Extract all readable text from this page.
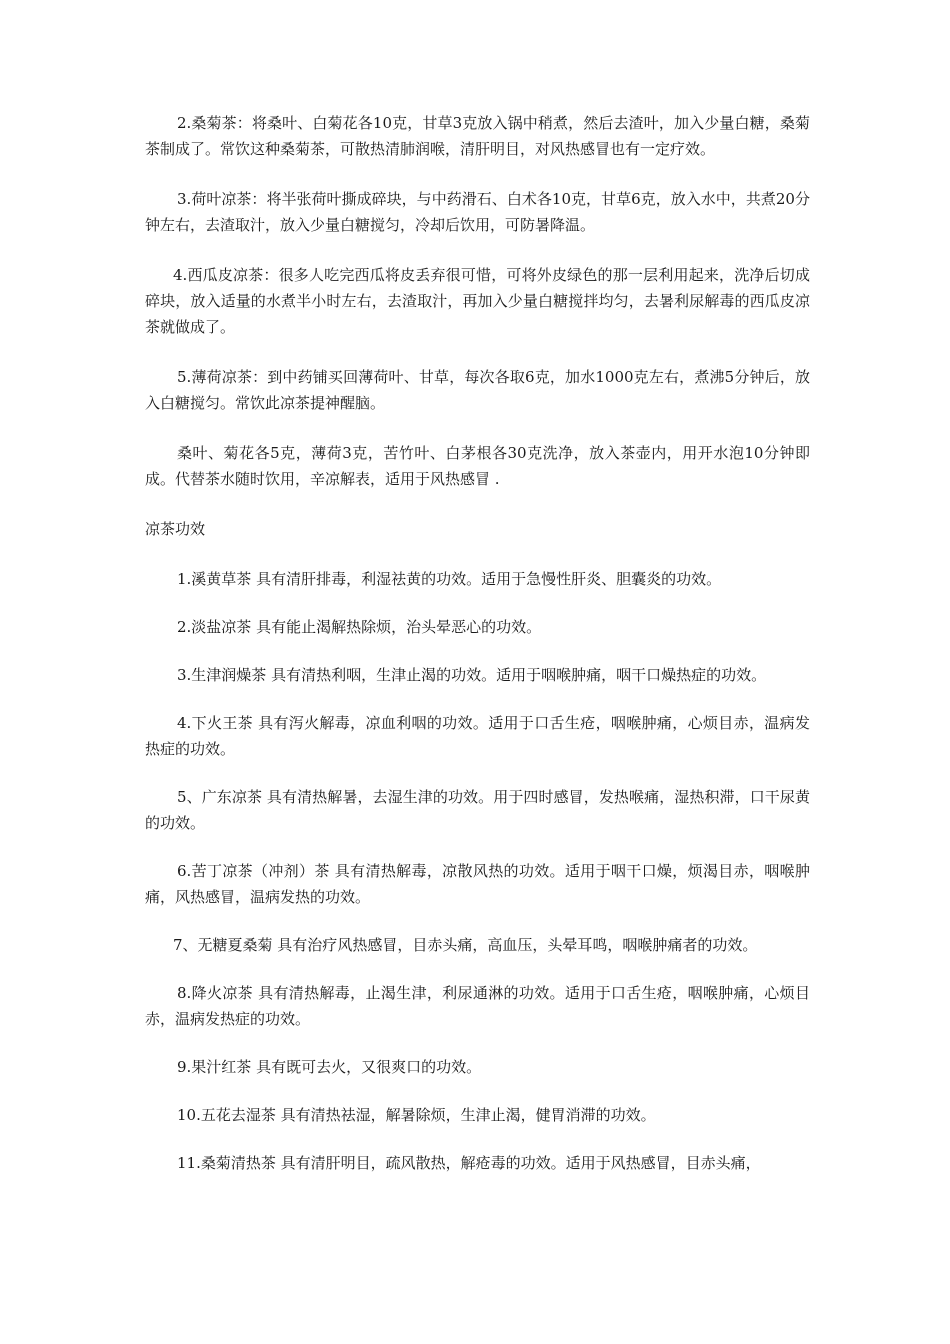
2.桑菊茶：将桑叶、白菊花各10克，甘草3克放入锅中稍煮，然后去渣叶，加入少量白糖，桑菊茶制成了。常饮这种桑菊茶，可散热清肺润喉，清肝明目，对风热感冒也有一定疗效。

3.荷叶凉茶：将半张荷叶撕成碎块，与中药滑石、白术各10克，甘草6克，放入水中，共煮20分钟左右，去渣取汁，放入少量白糖搅匀，冷却后饮用，可防暑降温。

4.西瓜皮凉茶：很多人吃完西瓜将皮丢弃很可惜，可将外皮绿色的那一层利用起来，洗净后切成碎块，放入适量的水煮半小时左右，去渣取汁，再加入少量白糖搅拌均匀，去暑利尿解毒的西瓜皮凉茶就做成了。

5.薄荷凉茶：到中药铺买回薄荷叶、甘草，每次各取6克，加水1000克左右，煮沸5分钟后，放入白糖搅匀。常饮此凉茶提神醒脑。

桑叶、菊花各5克，薄荷3克，苦竹叶、白茅根各30克洗净，放入茶壶内，用开水泡10分钟即成。代替茶水随时饮用，辛凉解表，适用于风热感冒 .

凉茶功效

1.溪黄草茶 具有清肝排毒，利湿祛黄的功效。适用于急慢性肝炎、胆囊炎的功效。

2.淡盐凉茶 具有能止渴解热除烦，治头晕恶心的功效。

3.生津润燥茶 具有清热利咽，生津止渴的功效。适用于咽喉肿痛，咽干口燥热症的功效。

4.下火王茶 具有泻火解毒，凉血利咽的功效。适用于口舌生疮，咽喉肿痛，心烦目赤，温病发热症的功效。

5、广东凉茶 具有清热解暑，去湿生津的功效。用于四时感冒，发热喉痛，湿热积滞，口干尿黄的功效。

6.苦丁凉茶（冲剂）茶 具有清热解毒，凉散风热的功效。适用于咽干口燥，烦渴目赤，咽喉肿痛，风热感冒，温病发热的功效。

7、无糖夏桑菊 具有治疗风热感冒，目赤头痛，高血压，头晕耳鸣，咽喉肿痛者的功效。

8.降火凉茶 具有清热解毒，止渴生津，利尿通淋的功效。适用于口舌生疮，咽喉肿痛，心烦目赤，温病发热症的功效。

9.果汁红茶 具有既可去火，又很爽口的功效。

10.五花去湿茶 具有清热祛湿，解暑除烦，生津止渴，健胃消滞的功效。

11.桑菊清热茶 具有清肝明目，疏风散热，解疮毒的功效。适用于风热感冒，目赤头痛，
